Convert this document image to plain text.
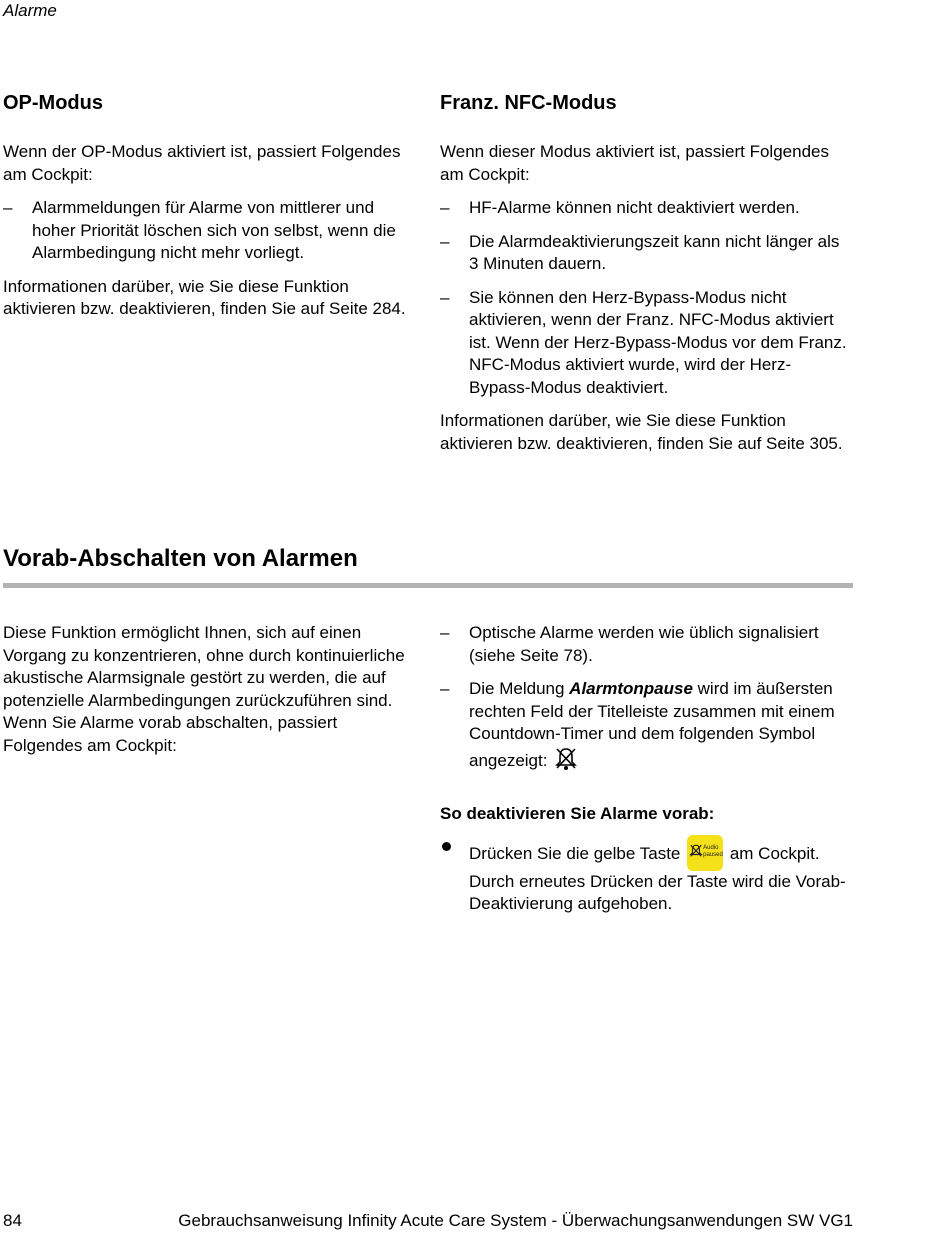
Alarme
OP-Modus

Wenn der OP-Modus aktiviert ist, passiert Folgendes am Cockpit:

– Alarmmeldungen für Alarme von mittlerer und hoher Priorität löschen sich von selbst, wenn die Alarmbedingung nicht mehr vorliegt.

Informationen darüber, wie Sie diese Funktion aktivieren bzw. deaktivieren, finden Sie auf Seite 284.

Franz. NFC-Modus

Wenn dieser Modus aktiviert ist, passiert Folgendes am Cockpit:

– HF-Alarme können nicht deaktiviert werden.
– Die Alarmdeaktivierungszeit kann nicht länger als 3 Minuten dauern.
– Sie können den Herz-Bypass-Modus nicht aktivieren, wenn der Franz. NFC-Modus aktiviert ist. Wenn der Herz-Bypass-Modus vor dem Franz. NFC-Modus aktiviert wurde, wird der Herz-Bypass-Modus deaktiviert.

Informationen darüber, wie Sie diese Funktion aktivieren bzw. deaktivieren, finden Sie auf Seite 305.

Vorab-Abschalten von Alarmen

Diese Funktion ermöglicht Ihnen, sich auf einen Vorgang zu konzentrieren, ohne durch kontinuierliche akustische Alarmsignale gestört zu werden, die auf potenzielle Alarmbedingungen zurückzuführen sind. Wenn Sie Alarme vorab abschalten, passiert Folgendes am Cockpit:

– Optische Alarme werden wie üblich signalisiert (siehe Seite 78).
– Die Meldung Alarmtonpause wird im äußersten rechten Feld der Titelleiste zusammen mit einem Countdown-Timer und dem folgenden Symbol angezeigt:
So deaktivieren Sie Alarme vorab:
Drücken Sie die gelbe Taste	Audio
paused am Cockpit. Durch erneutes Drücken der Taste wird die Vorab-Deaktivierung aufgehoben.
84	Gebrauchsanweisung Infinity Acute Care System - Überwachungsanwendungen SW VG1
